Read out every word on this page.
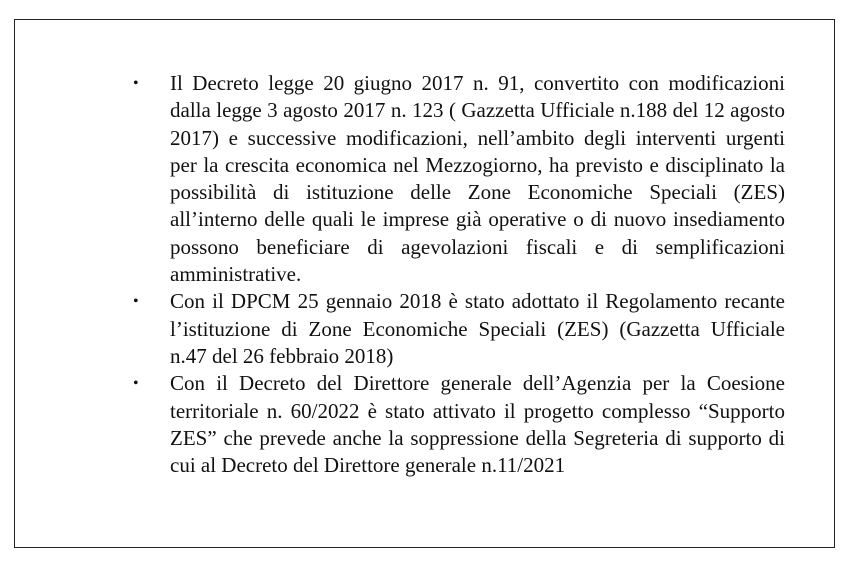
• Il Decreto legge 20 giugno 2017 n. 91, convertito con modificazioni dalla legge 3 agosto 2017 n. 123 ( Gazzetta Ufficiale n.188 del 12 agosto 2017) e successive modificazioni, nell’ambito degli interventi urgenti per la crescita economica nel Mezzogiorno, ha previsto e disciplinato la possibilità di istituzione delle Zone Economiche Speciali (ZES) all’interno delle quali le imprese già operative o di nuovo insediamento possono beneficiare di agevolazioni fiscali e di semplificazioni amministrative.
• Con il DPCM 25 gennaio 2018 è stato adottato il Regolamento recante l’istituzione di Zone Economiche Speciali (ZES) (Gazzetta Ufficiale n.47 del 26 febbraio 2018)
• Con il Decreto del Direttore generale dell’Agenzia per la Coesione territoriale n. 60/2022 è stato attivato il progetto complesso “Supporto ZES” che prevede anche la soppressione della Segreteria di supporto di cui al Decreto del Direttore generale n.11/2021
